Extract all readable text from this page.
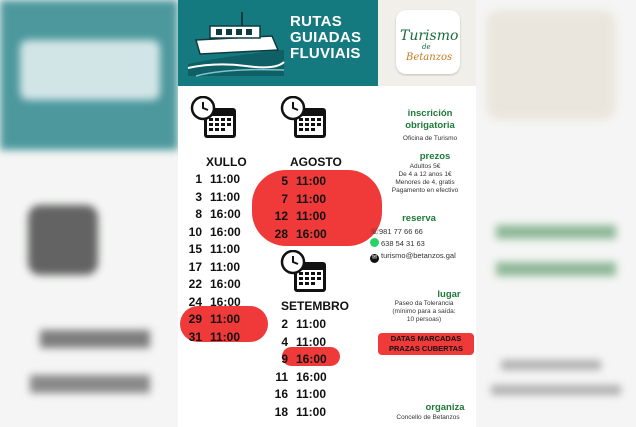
RUTAS
GUIADAS
FLUVIAIS
Turismo
de
Betanzos
XULLO
1 11:00
3 11:00
8 16:00
10 16:00
15 11:00
17 11:00
22 16:00
24 16:00
29 11:00
31 11:00
AGOSTO
5 11:00
7 11:00
12 11:00
28 16:00
SETEMBRO
2 11:00
4 11:00
9 16:00
11 16:00
16 11:00
18 11:00
inscrición
obrigatoria
Oficina de Turismo
prezos
Adultos 5€
De 4 a 12 anos 1€
Menores de 4, gratis
Pagamento en efectivo
reserva
☏981 77 66 66
638 54 31 63
✉ turismo@betanzos.gal
lugar
Paseo da Tolerancia
(mínimo para a saída:
10 persoas)
DATAS MARCADAS
PRAZAS CUBERTAS
organiza
Concello de Betanzos
